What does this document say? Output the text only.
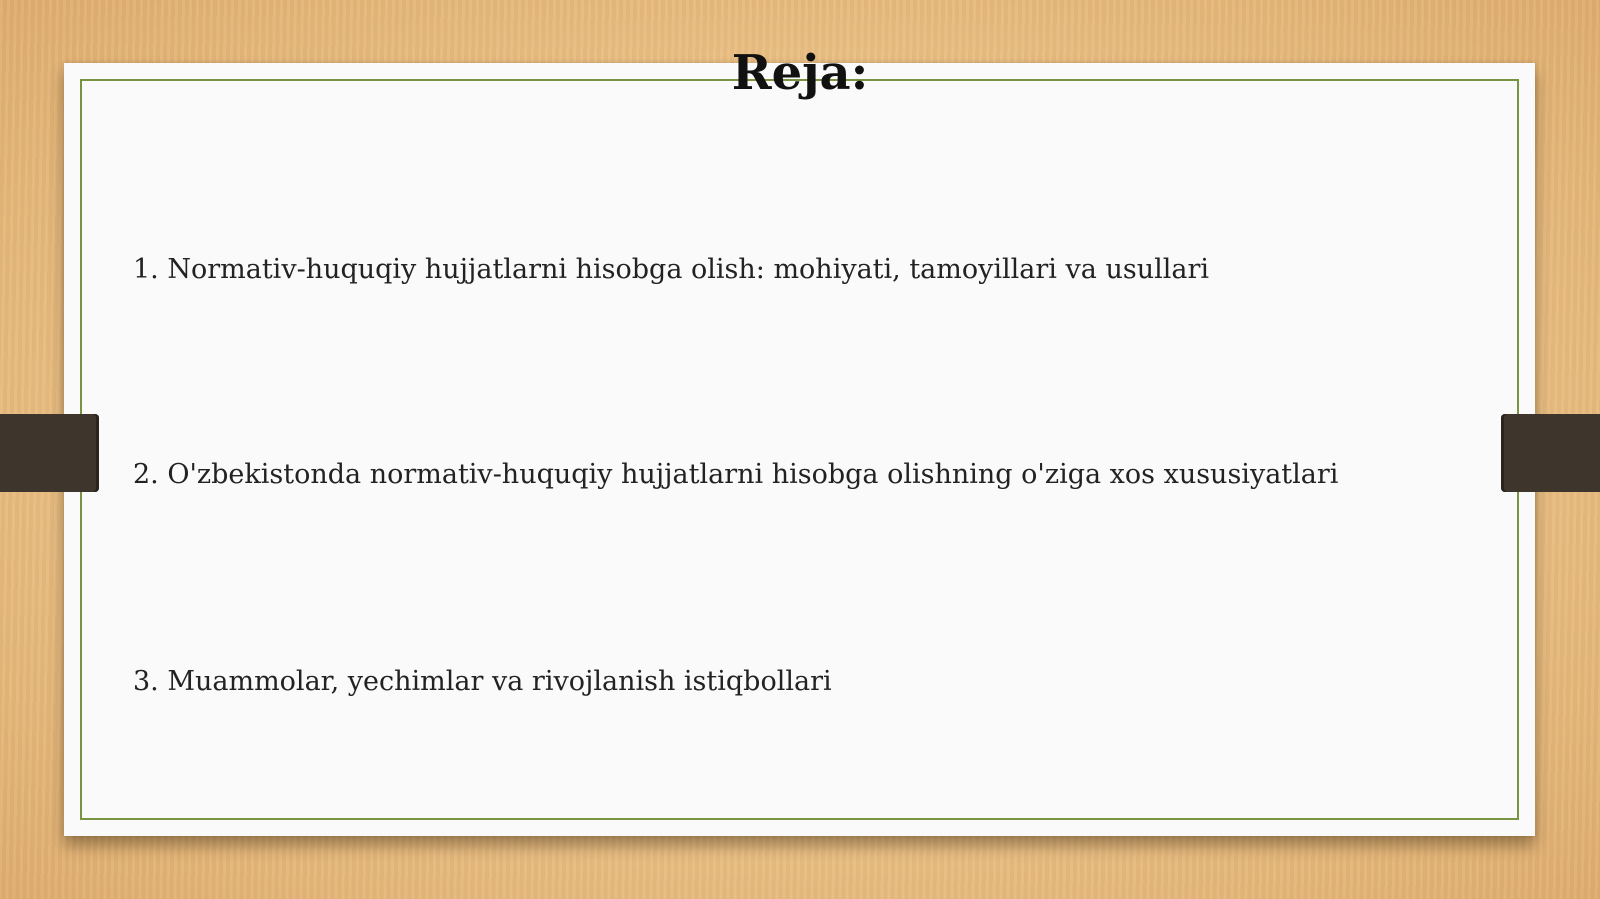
Reja:

1. Normativ-huquqiy hujjatlarni hisobga olish: mohiyati, tamoyillari va usullari

2. O'zbekistonda normativ-huquqiy hujjatlarni hisobga olishning o'ziga xos xususiyatlari

3. Muammolar, yechimlar va rivojlanish istiqbollari
